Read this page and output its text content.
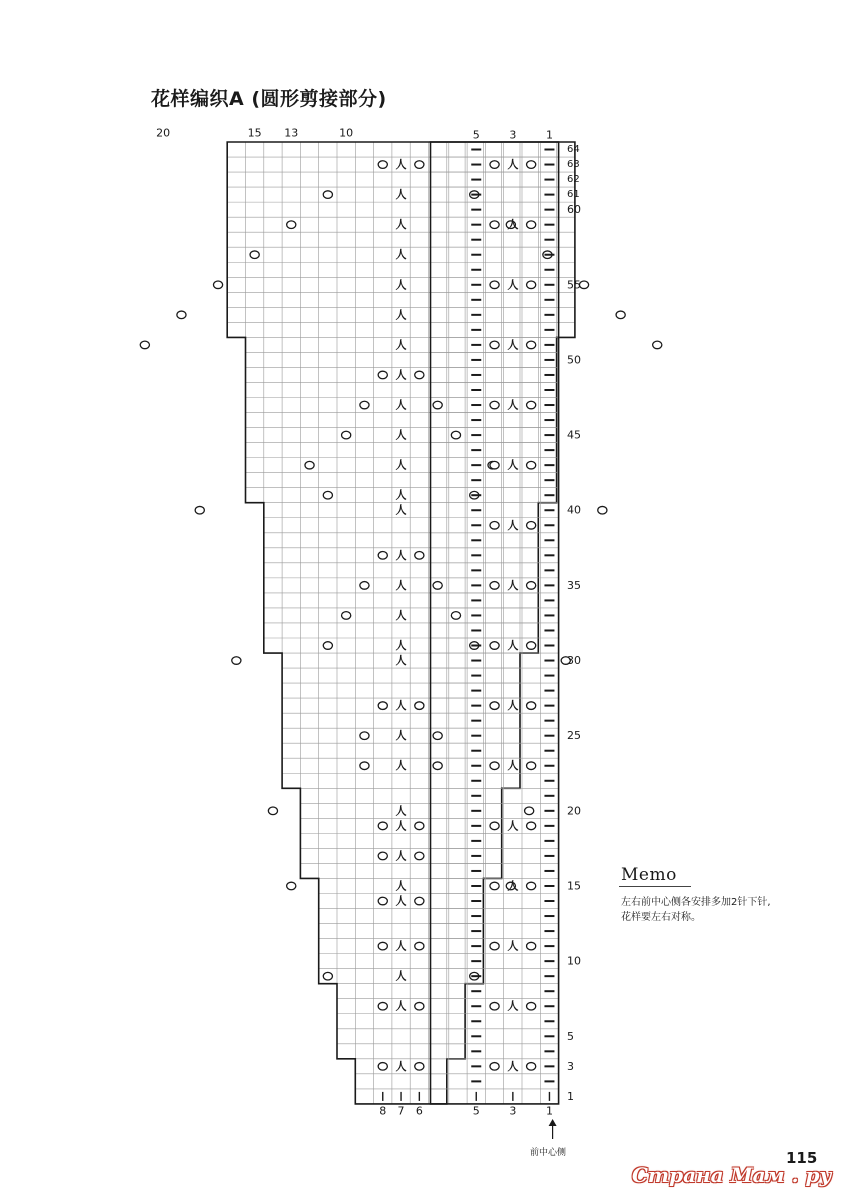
花样编织A (圆形剪接部分)
人
人
人
人
人
人
人
人
人
人
人
人
人
人
人
人
人
人
人
人
人
人
人
人
人
人
人
人
人
人
人
人
人
人
人
人
人
人
人
人
人
人
人
人
人
人
20	15 13	10	5	3	1
8 7 6	5	3	1
1
3
5
10
15
20
25
30
35
40
45
50
55
60
61
62
63
64
Memo
左右前中心侧各安排多加2针下针,
花样要左右对称。
前中心侧	115
Страна Мам . ру
